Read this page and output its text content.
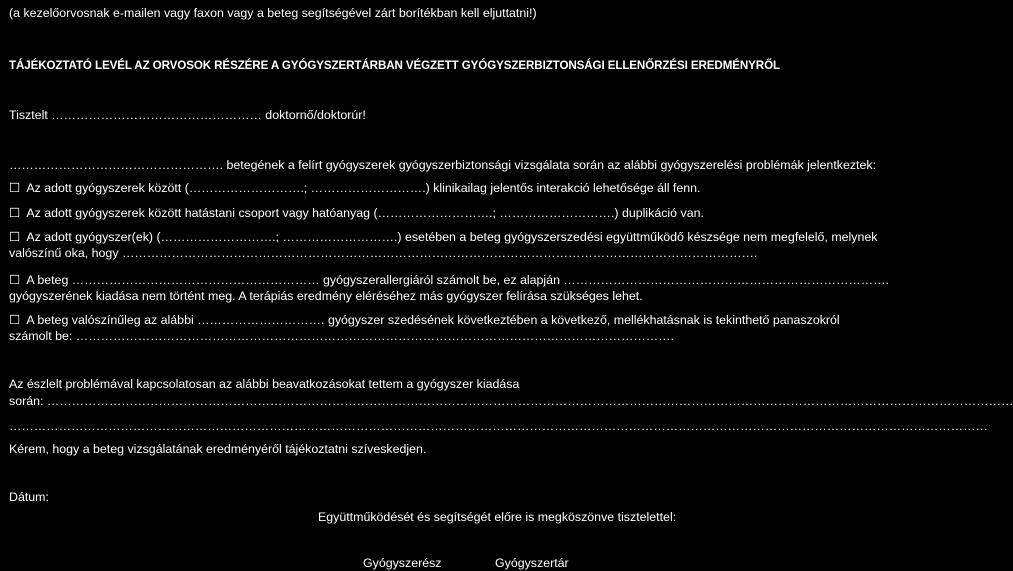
(a kezelőorvosnak e-mailen vagy faxon vagy a beteg segítségével zárt borítékban kell eljuttatni!)
TÁJÉKOZTATÓ LEVÉL AZ ORVOSOK RÉSZÉRE A GYÓGYSZERTÁRBAN VÉGZETT GYÓGYSZERBIZTONSÁGI ELLENŐRZÉSI EREDMÉNYRŐL
Tisztelt …………………………………………… doktornő/doktorúr!
……………………………………………. betegének a felírt gyógyszerek gyógyszerbiztonsági vizsgálata során az alábbi gyógyszerelési problémák jelentkeztek:
☐ Az adott gyógyszerek között (……………………….; ……………………….) klinikailag jelentős interakció lehetősége áll fenn.
☐ Az adott gyógyszerek között hatástani csoport vagy hatóanyag (……………………….; ……………………….) duplikáció van.
☐ Az adott gyógyszer(ek) (……………………….; ……………………….) esetében a beteg gyógyszerszedési együttműködő készsége nem megfelelő, melynek
valószínű oka, hogy ……………………………………………………………………………………………………………………………………….
☐ A beteg …………………………………………………… gyógyszerallergiáról számolt be, ez alapján …………………………………………………………………….
gyógyszerének kiadása nem történt meg. A terápiás eredmény eléréséhez más gyógyszer felírása szükséges lehet.
☐ A beteg valószínűleg az alábbi …………………………. gyógyszer szedésének következtében a következő, mellékhatásnak is tekinthető panaszokról
számolt be: ……………………………………………………………………………………………………………………………….
Az észlelt problémával kapcsolatosan az alábbi beavatkozásokat tettem a gyógyszer kiadása
során: ………………………………………………………………………………………………………………………………………………………………………………………………………………
…………………………………………………………………………………………………………………………………………………………………………………………………………………
Kérem, hogy a beteg vizsgálatának eredményéről tájékoztatni szíveskedjen.
Dátum:
Együttműködését és segítségét előre is megköszönve tisztelettel:
Gyógyszerész	Gyógyszertár
